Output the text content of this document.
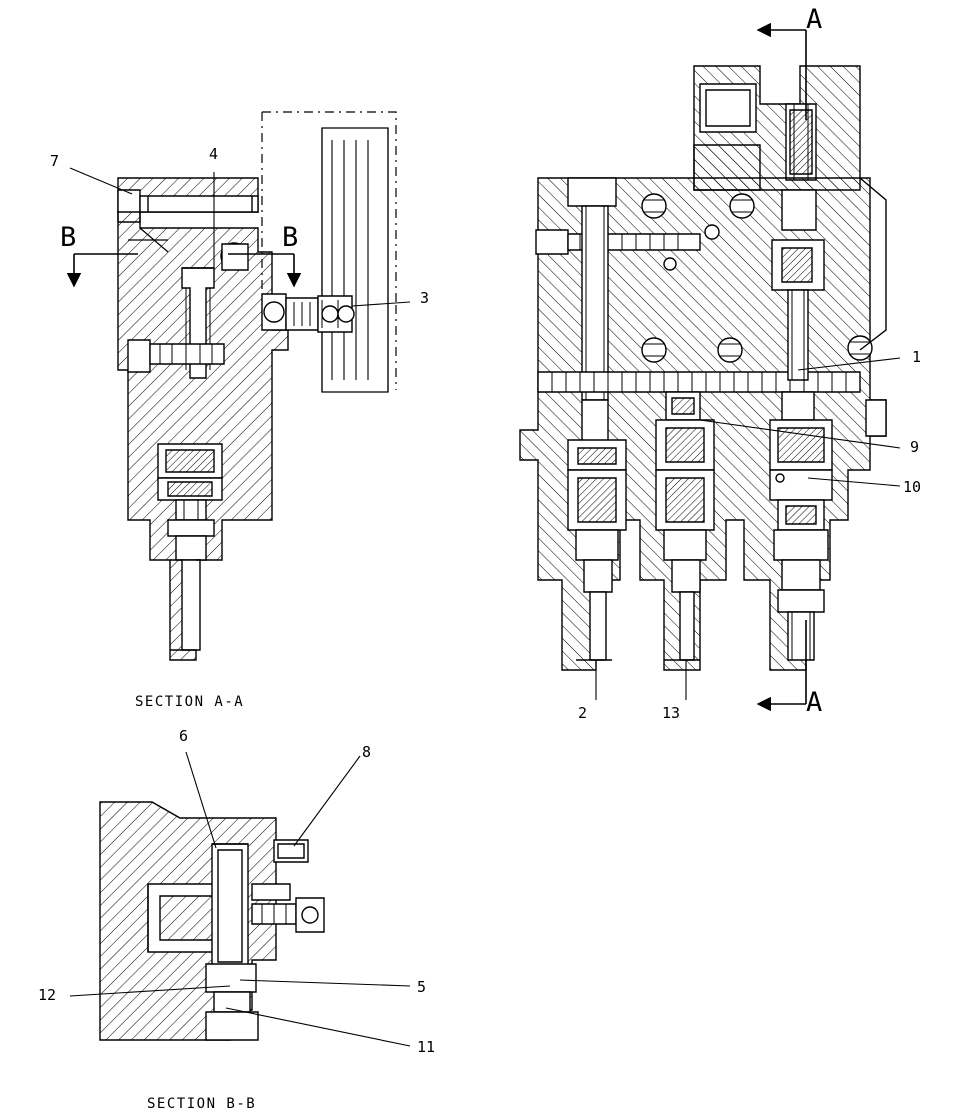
B	B
A
A
7	4
3
1
9
10
2	13
6
8
5
12
11
SECTION A-A
SECTION B-B
